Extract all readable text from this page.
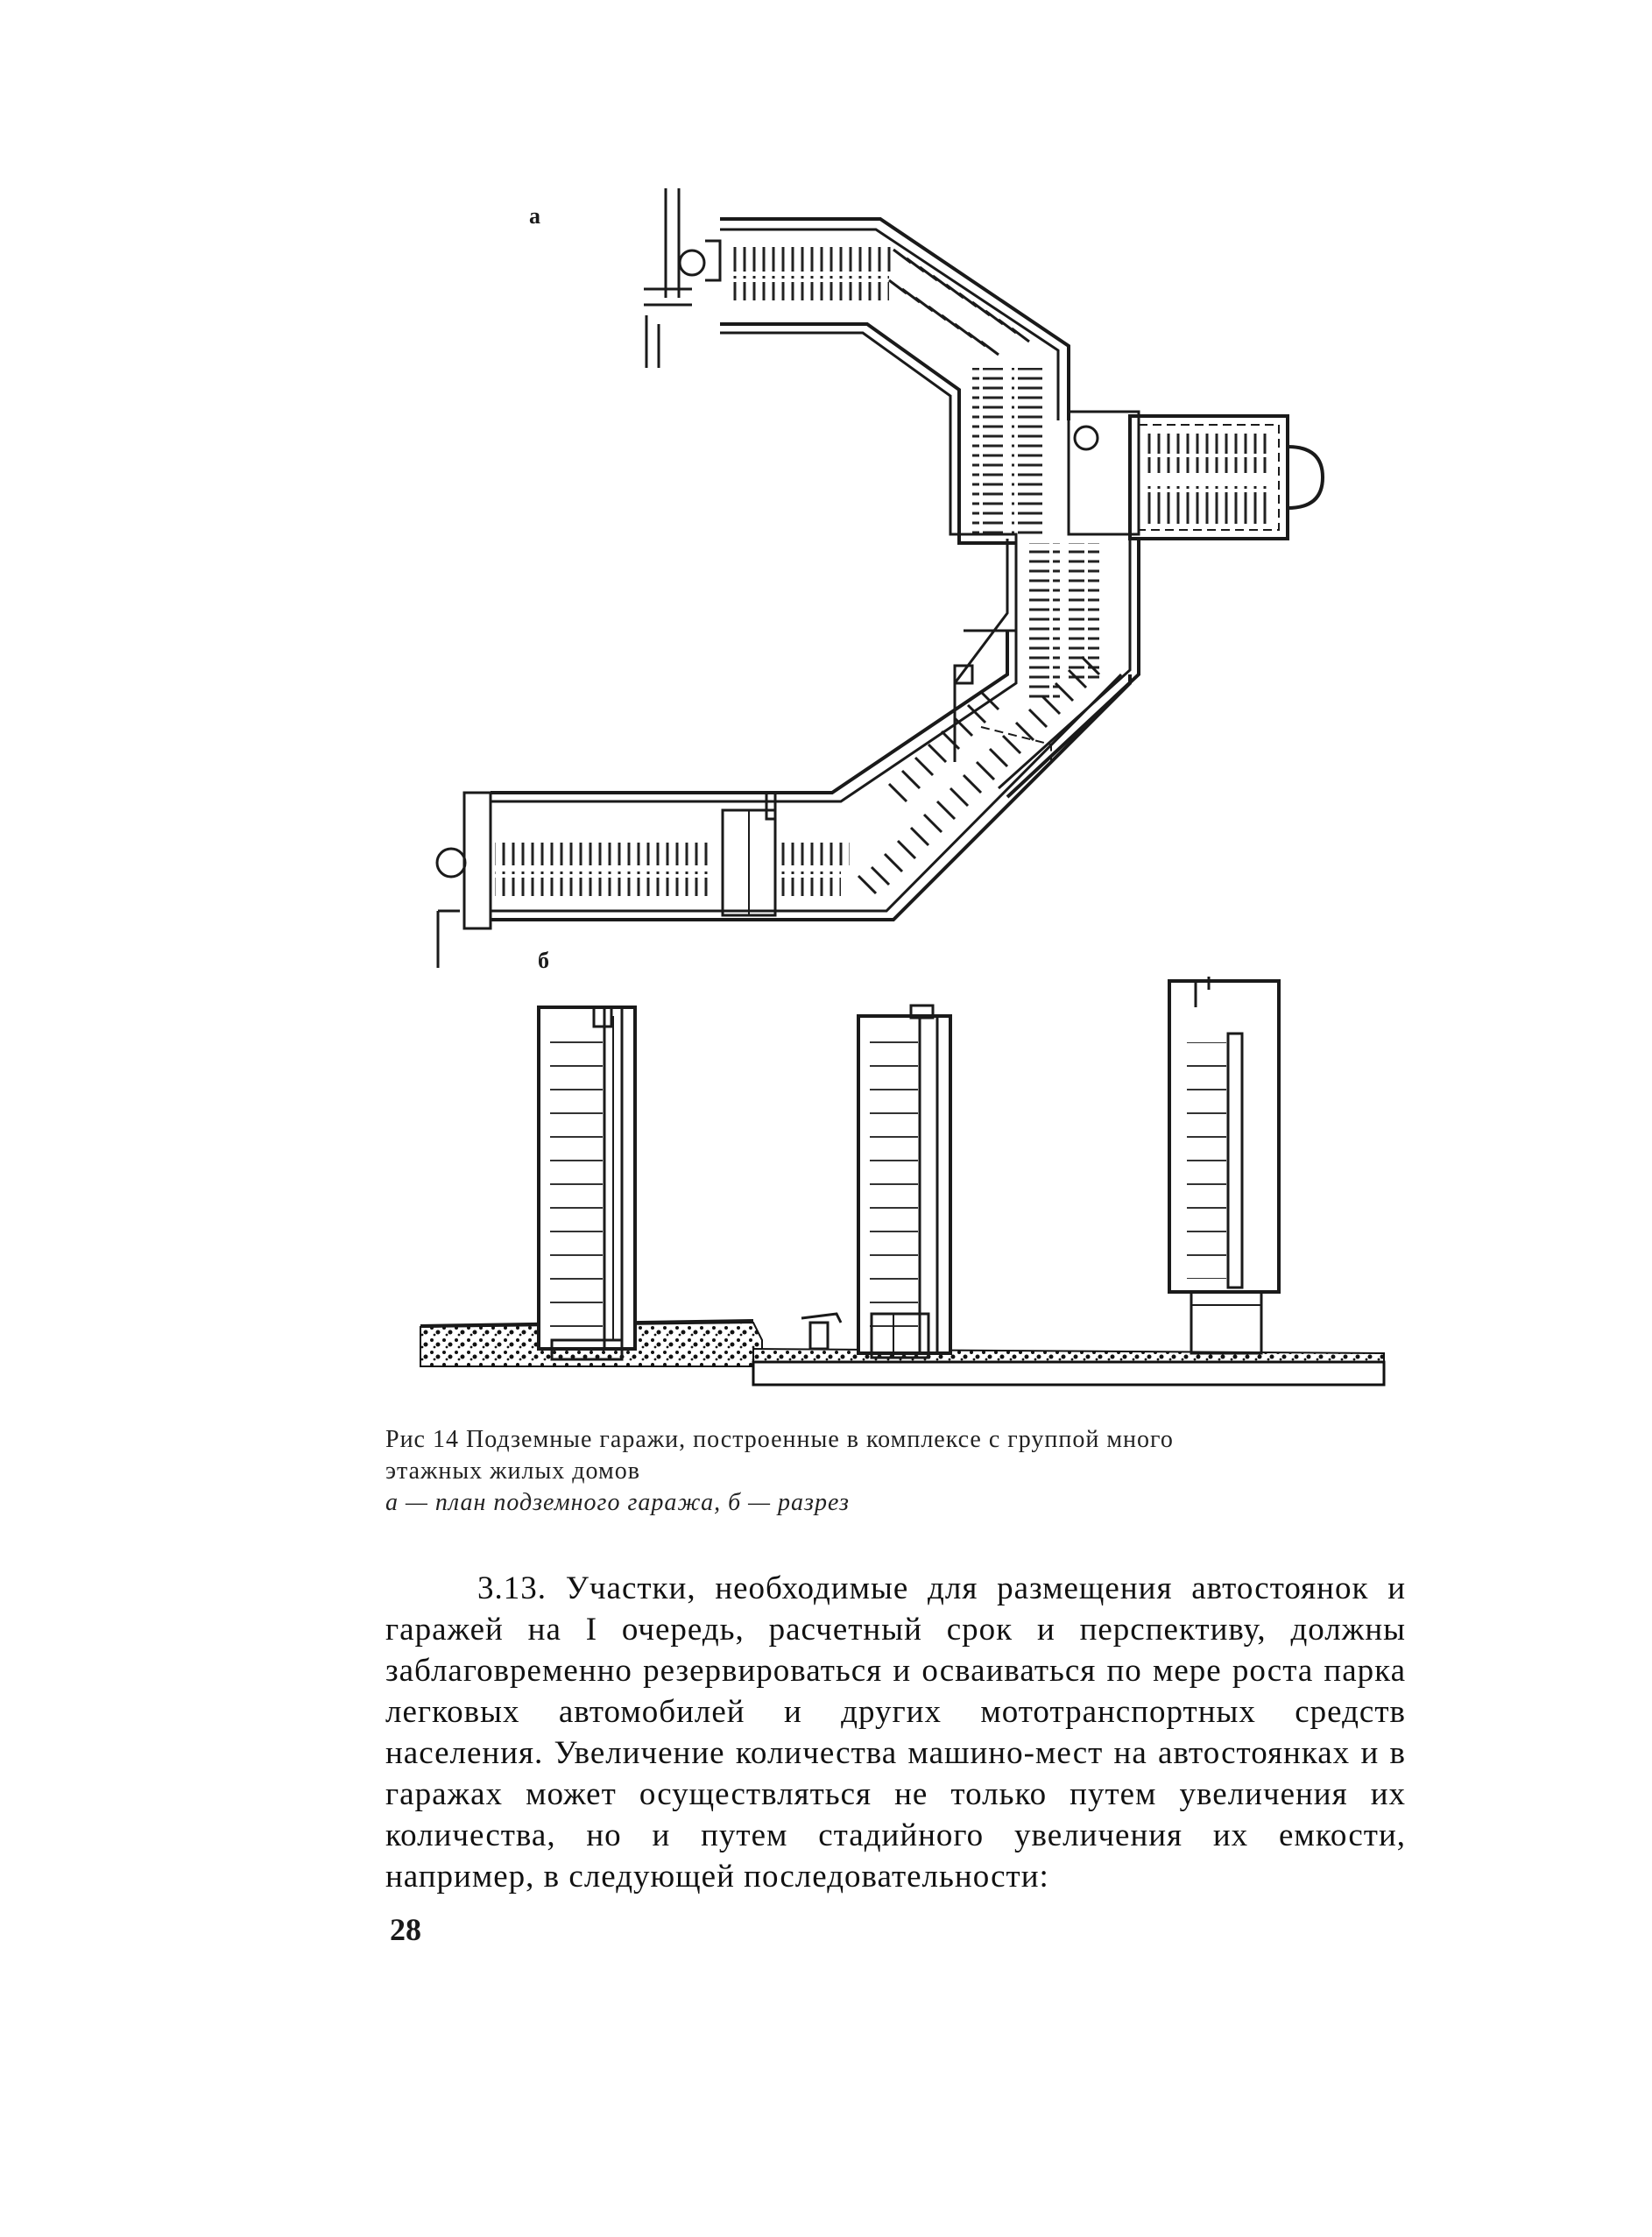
а
б
Рис 14 Подземные гаражи, построенные в комплексе с группой много
этажных жилых домов
а — план подземного гаража, б — разрез

3.13. Участки, необходимые для размещения автостоянок и гаражей на I очередь, расчетный срок и перспективу, должны заблаговременно резервироваться и осваиваться по мере роста парка легковых автомобилей и других мототранспортных средств населения. Увеличение количества машино-мест на автостоянках и в гаражах может осуществляться не только путем увеличения их количества, но и путем стадийного увеличения их емкости, например, в следующей последовательности:

28
